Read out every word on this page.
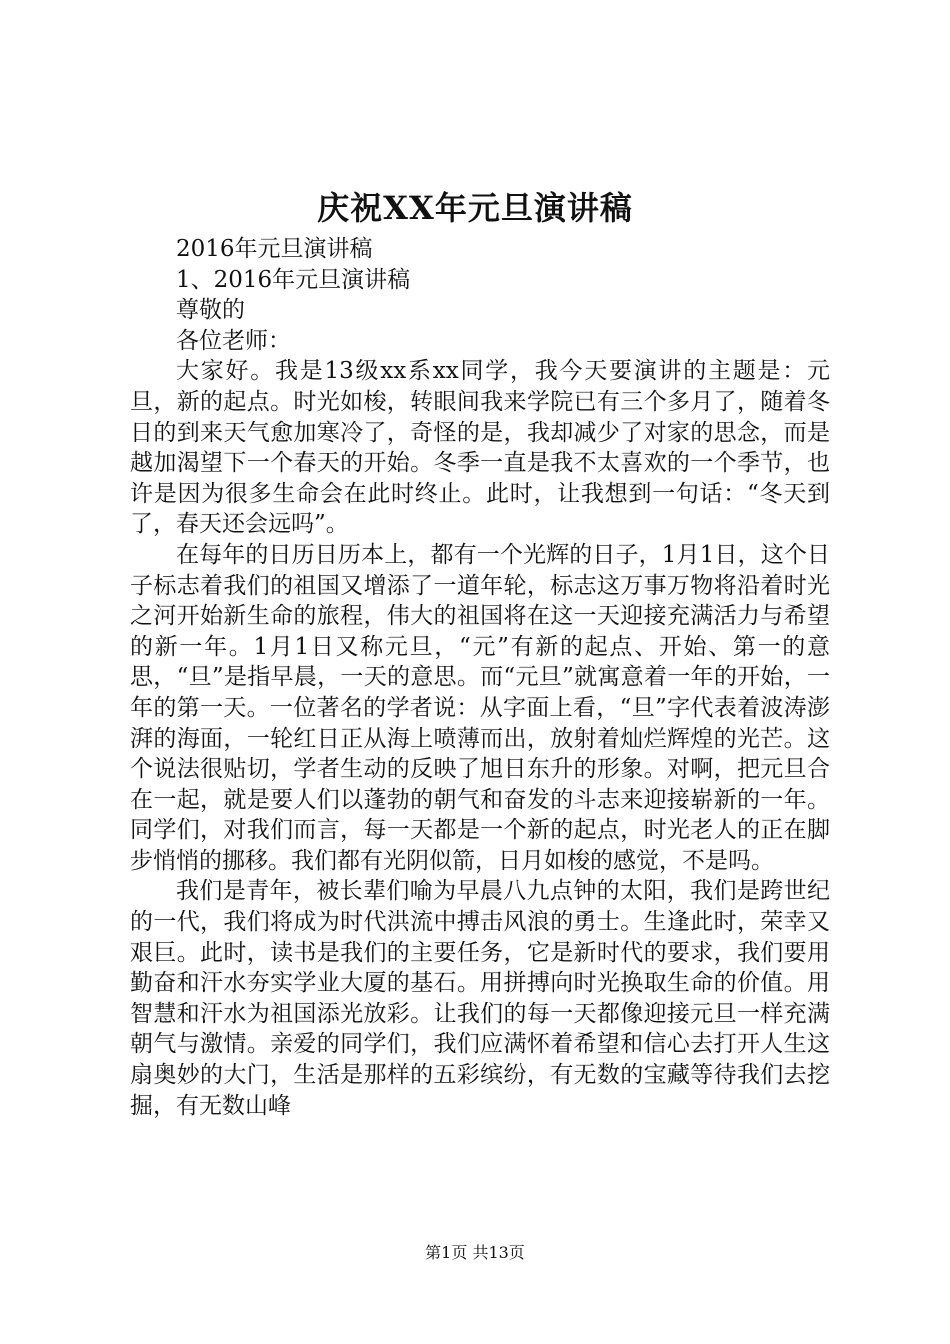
庆祝XX年元旦演讲稿
2016年元旦演讲稿
1、2016年元旦演讲稿
尊敬的
各位老师：

大家好。我是13级xx系xx同学，我今天要演讲的主题是：元旦，新的起点。时光如梭，转眼间我来学院已有三个多月了，随着冬日的到来天气愈加寒冷了，奇怪的是，我却减少了对家的思念，而是越加渴望下一个春天的开始。冬季一直是我不太喜欢的一个季节，也许是因为很多生命会在此时终止。此时，让我想到一句话：“冬天到了，春天还会远吗”。

在每年的日历日历本上，都有一个光辉的日子，1月1日，这个日子标志着我们的祖国又增添了一道年轮，标志这万事万物将沿着时光之河开始新生命的旅程，伟大的祖国将在这一天迎接充满活力与希望的新一年。1月1日又称元旦，“元”有新的起点、开始、第一的意思，“旦”是指早晨，一天的意思。而“元旦”就寓意着一年的开始，一年的第一天。一位著名的学者说：从字面上看，“旦”字代表着波涛澎湃的海面，一轮红日正从海上喷薄而出，放射着灿烂辉煌的光芒。这个说法很贴切，学者生动的反映了旭日东升的形象。对啊，把元旦合在一起，就是要人们以蓬勃的朝气和奋发的斗志来迎接崭新的一年。同学们，对我们而言，每一天都是一个新的起点，时光老人的正在脚步悄悄的挪移。我们都有光阴似箭，日月如梭的感觉，不是吗。

我们是青年，被长辈们喻为早晨八九点钟的太阳，我们是跨世纪的一代，我们将成为时代洪流中搏击风浪的勇士。生逢此时，荣幸又艰巨。此时，读书是我们的主要任务，它是新时代的要求，我们要用勤奋和汗水夯实学业大厦的基石。用拼搏向时光换取生命的价值。用智慧和汗水为祖国添光放彩。让我们的每一天都像迎接元旦一样充满朝气与激情。亲爱的同学们，我们应满怀着希望和信心去打开人生这扇奥妙的大门，生活是那样的五彩缤纷，有无数的宝藏等待我们去挖掘，有无数山峰

第1页 共13页
